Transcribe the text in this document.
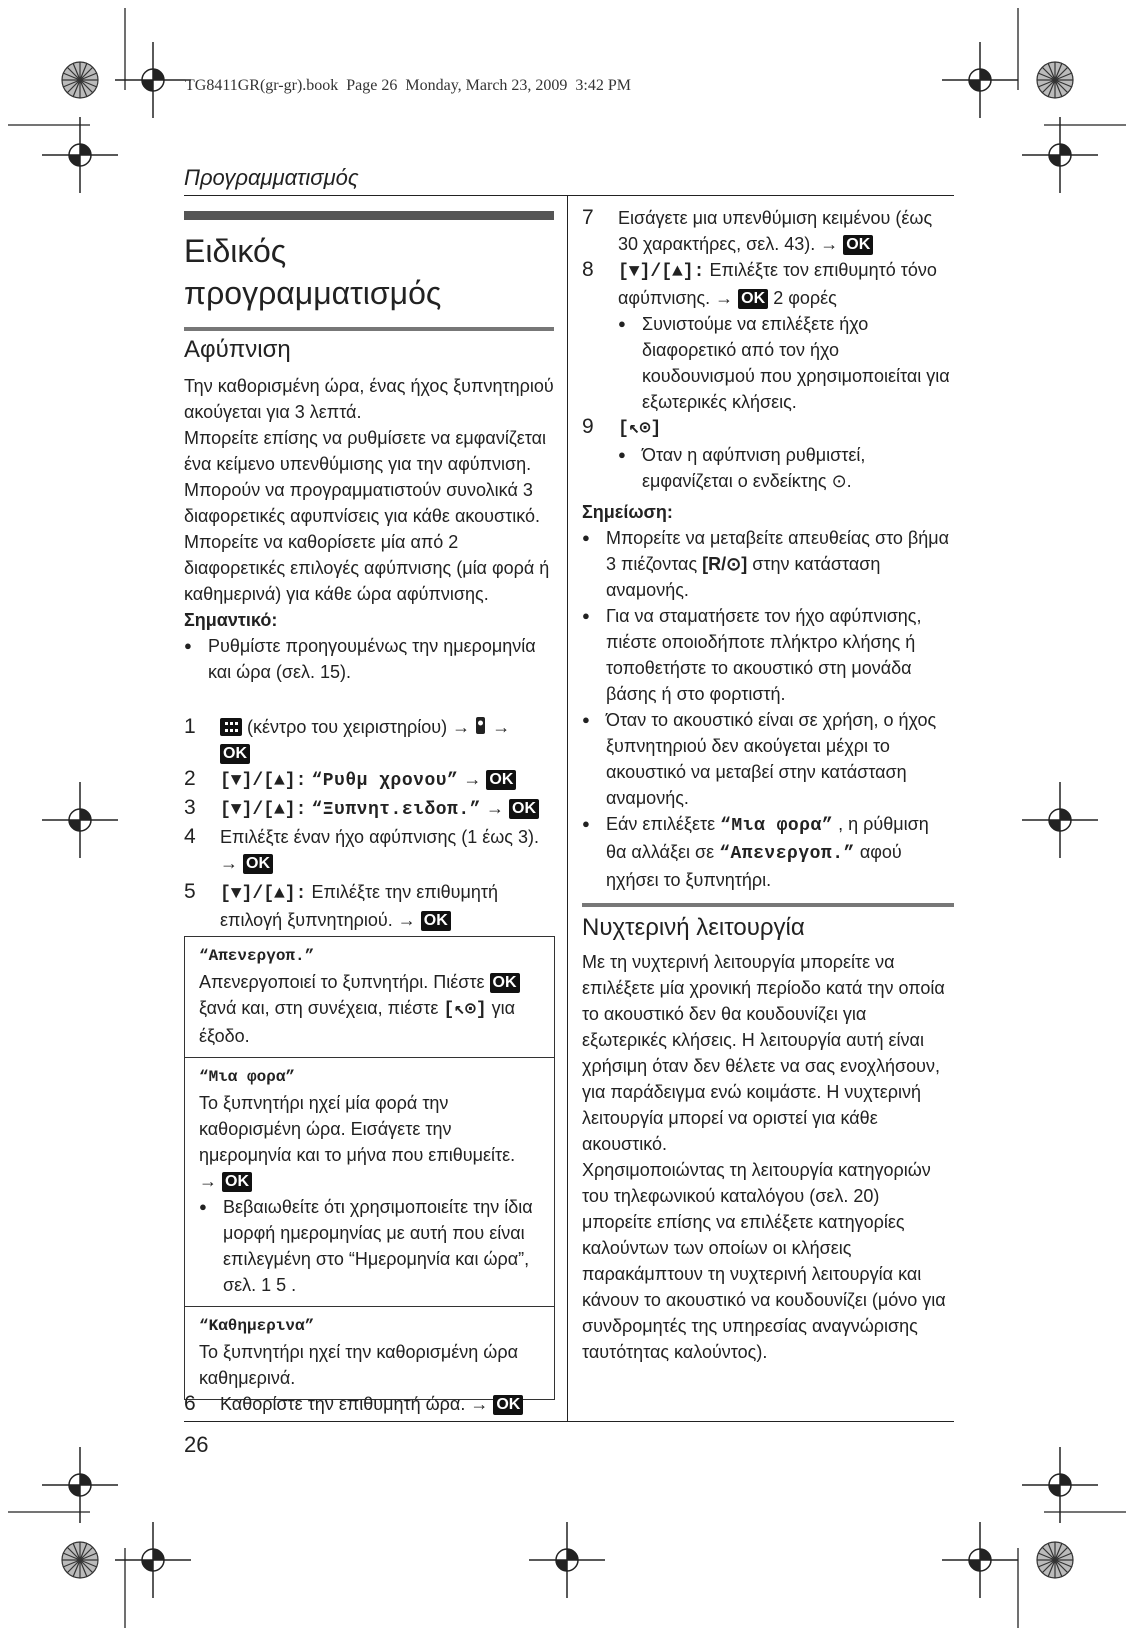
TG8411GR(gr-gr).book  Page 26  Monday, March 23, 2009  3:42 PM
Προγραμματισμός
Ειδικός
προγραμματισμός
Αφύπνιση
Την καθορισμένη ώρα, ένας ήχος ξυπνητηριού ακούγεται για 3 λεπτά.
Μπορείτε επίσης να ρυθμίσετε να εμφανίζεται ένα κείμενο υπενθύμισης για την αφύπνιση.
Μπορούν να προγραμματιστούν συνολικά 3 διαφορετικές αφυπνίσεις για κάθε ακουστικό.
Μπορείτε να καθορίσετε μία από 2 διαφορετικές επιλογές αφύπνισης (μία φορά ή καθημερινά) για κάθε ώρα αφύπνισης.
Σημαντικό:
● Ρυθμίστε προηγουμένως την ημερομηνία και ώρα (σελ. 15).
1	(κέντρο του χειριστηρίου) → →
OK
2 [▼]/[▲]: “Ρυθμ χρονου” → OK
3 [▼]/[▲]: “Ξυπνητ.ειδοπ.” → OK
4 Επιλέξτε έναν ήχο αφύπνισης (1 έως 3).
→ OK
5 [▼]/[▲]: Επιλέξτε την επιθυμητή επιλογή ξυπνητηριού. → OK
“Απενεργοπ.”
Απενεργοποιεί το ξυπνητήρι. Πιέστε OK ξανά και, στη συνέχεια, πιέστε [↖⊙] για έξοδο.
“Μια φορα”
Το ξυπνητήρι ηχεί μία φορά την καθορισμένη ώρα. Εισάγετε την ημερομηνία και το μήνα που επιθυμείτε.
→ OK
● Βεβαιωθείτε ότι χρησιμοποιείτε την ίδια μορφή ημερομηνίας με αυτή που είναι επιλεγμένη στο “Ημερομηνία και ώρα”, σελ. 1 5 .
“Καθημερινα”
Το ξυπνητήρι ηχεί την καθορισμένη ώρα καθημερινά.
6 Καθορίστε την επιθυμητή ώρα. → OK
7 Εισάγετε μια υπενθύμιση κειμένου (έως 30 χαρακτήρες, σελ. 43). → OK
8 [▼]/[▲]: Επιλέξτε τον επιθυμητό τόνο αφύπνισης. → OK 2 φορές
● Συνιστούμε να επιλέξετε ήχο διαφορετικό από τον ήχο κουδουνισμού που χρησιμοποιείται για εξωτερικές κλήσεις.
9 [↖⊙]
● Όταν η αφύπνιση ρυθμιστεί, εμφανίζεται ο ενδείκτης ⊙.
Σημείωση:
● Μπορείτε να μεταβείτε απευθείας στο βήμα 3 πιέζοντας [R/⊙] στην κατάσταση αναμονής.
● Για να σταματήσετε τον ήχο αφύπνισης, πιέστε οποιοδήποτε πλήκτρο κλήσης ή τοποθετήστε το ακουστικό στη μονάδα βάσης ή στο φορτιστή.
● Όταν το ακουστικό είναι σε χρήση, ο ήχος ξυπνητηριού δεν ακούγεται μέχρι το ακουστικό να μεταβεί στην κατάσταση αναμονής.
● Εάν επιλέξετε “Μια φορα” , η ρύθμιση θα αλλάξει σε “Απενεργοπ.” αφού ηχήσει το ξυπνητήρι.
Νυχτερινή λειτουργία
Με τη νυχτερινή λειτουργία μπορείτε να επιλέξετε μία χρονική περίοδο κατά την οποία το ακουστικό δεν θα κουδουνίζει για εξωτερικές κλήσεις. Η λειτουργία αυτή είναι χρήσιμη όταν δεν θέλετε να σας ενοχλήσουν, για παράδειγμα ενώ κοιμάστε. Η νυχτερινή λειτουργία μπορεί να οριστεί για κάθε ακουστικό.
Χρησιμοποιώντας τη λειτουργία κατηγοριών του τηλεφωνικού καταλόγου (σελ. 20) μπορείτε επίσης να επιλέξετε κατηγορίες καλούντων των οποίων οι κλήσεις παρακάμπτουν τη νυχτερινή λειτουργία και κάνουν το ακουστικό να κουδουνίζει (μόνο για συνδρομητές της υπηρεσίας αναγνώρισης ταυτότητας καλούντος).
26
